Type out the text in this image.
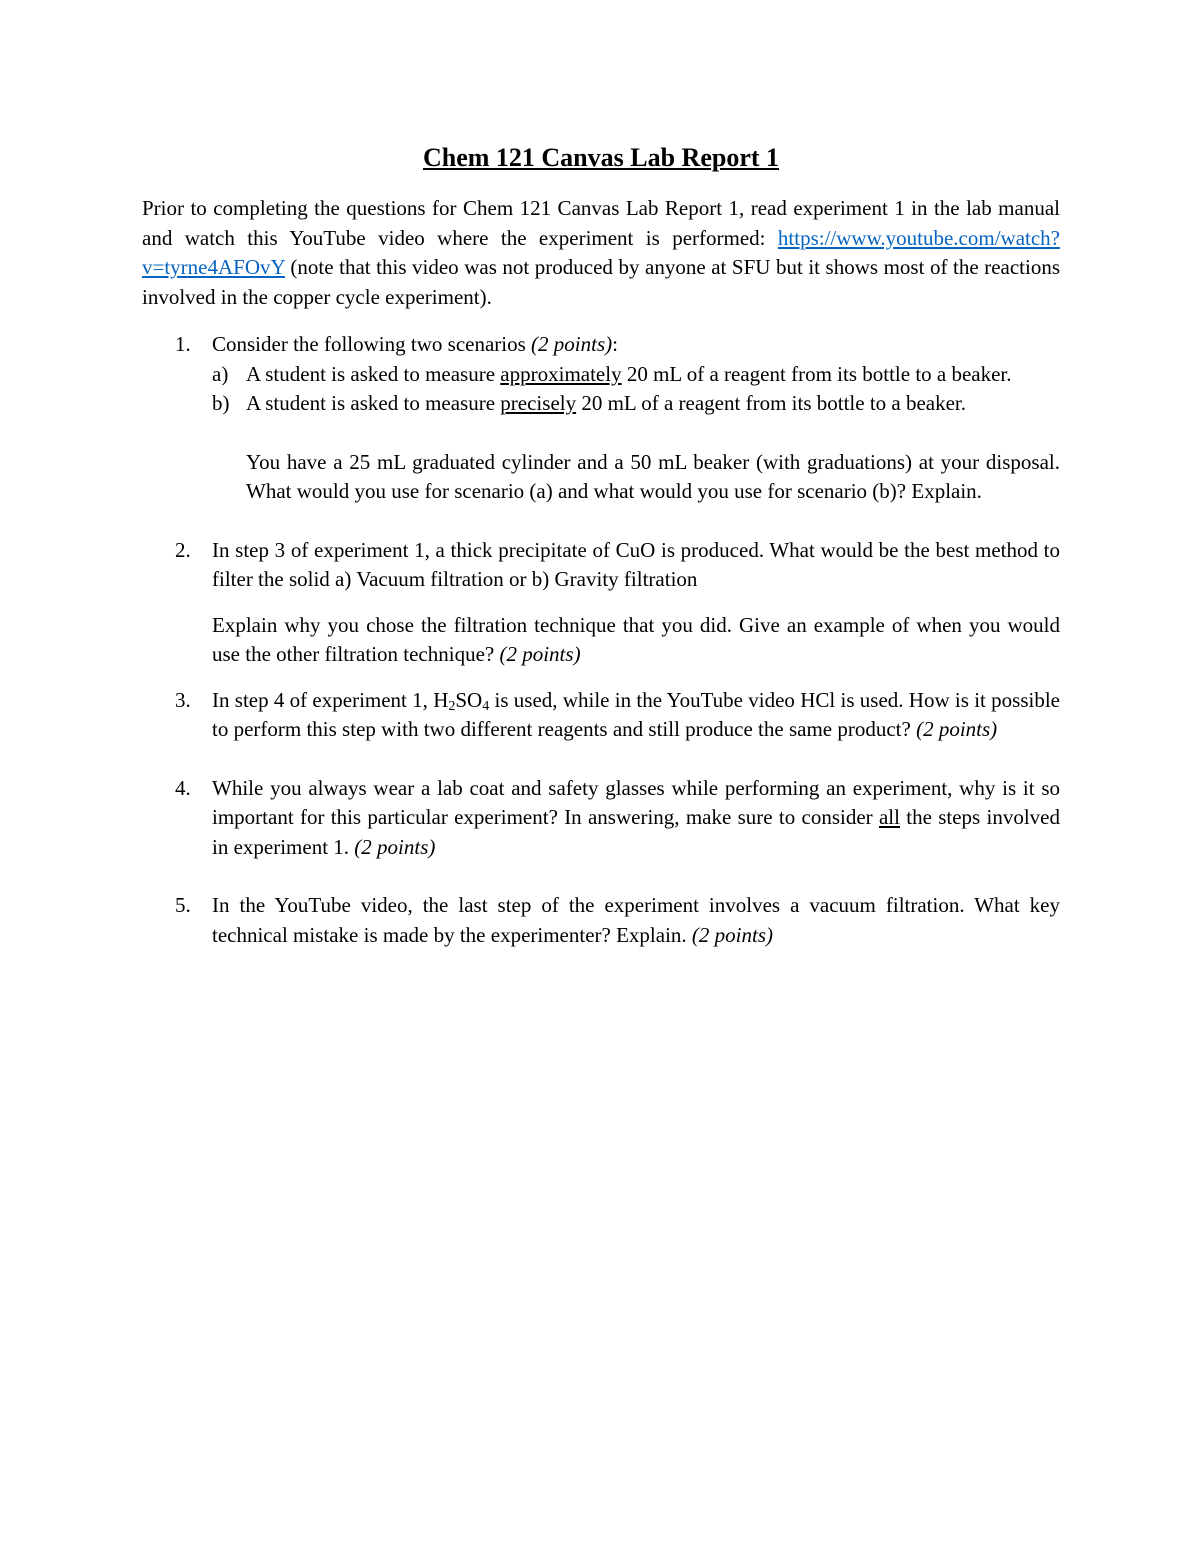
Chem 121 Canvas Lab Report 1

Prior to completing the questions for Chem 121 Canvas Lab Report 1, read experiment 1 in the lab manual and watch this YouTube video where the experiment is performed: https://www.youtube.com/watch?v=tyrne4AFOvY (note that this video was not produced by anyone at SFU but it shows most of the reactions involved in the copper cycle experiment).

1. Consider the following two scenarios (2 points):

a) A student is asked to measure approximately 20 mL of a reagent from its bottle to a beaker.

b) A student is asked to measure precisely 20 mL of a reagent from its bottle to a beaker.

You have a 25 mL graduated cylinder and a 50 mL beaker (with graduations) at your disposal. What would you use for scenario (a) and what would you use for scenario (b)? Explain.

2. In step 3 of experiment 1, a thick precipitate of CuO is produced. What would be the best method to filter the solid a) Vacuum filtration or b) Gravity filtration

Explain why you chose the filtration technique that you did. Give an example of when you would use the other filtration technique? (2 points)

3. In step 4 of experiment 1, $H_2SO_4$ is used, while in the YouTube video HCl is used. How is it possible to perform this step with two different reagents and still produce the same product? (2 points)

4. While you always wear a lab coat and safety glasses while performing an experiment, why is it so important for this particular experiment? In answering, make sure to consider all the steps involved in experiment 1. (2 points)

5. In the YouTube video, the last step of the experiment involves a vacuum filtration. What key technical mistake is made by the experimenter? Explain. (2 points)
